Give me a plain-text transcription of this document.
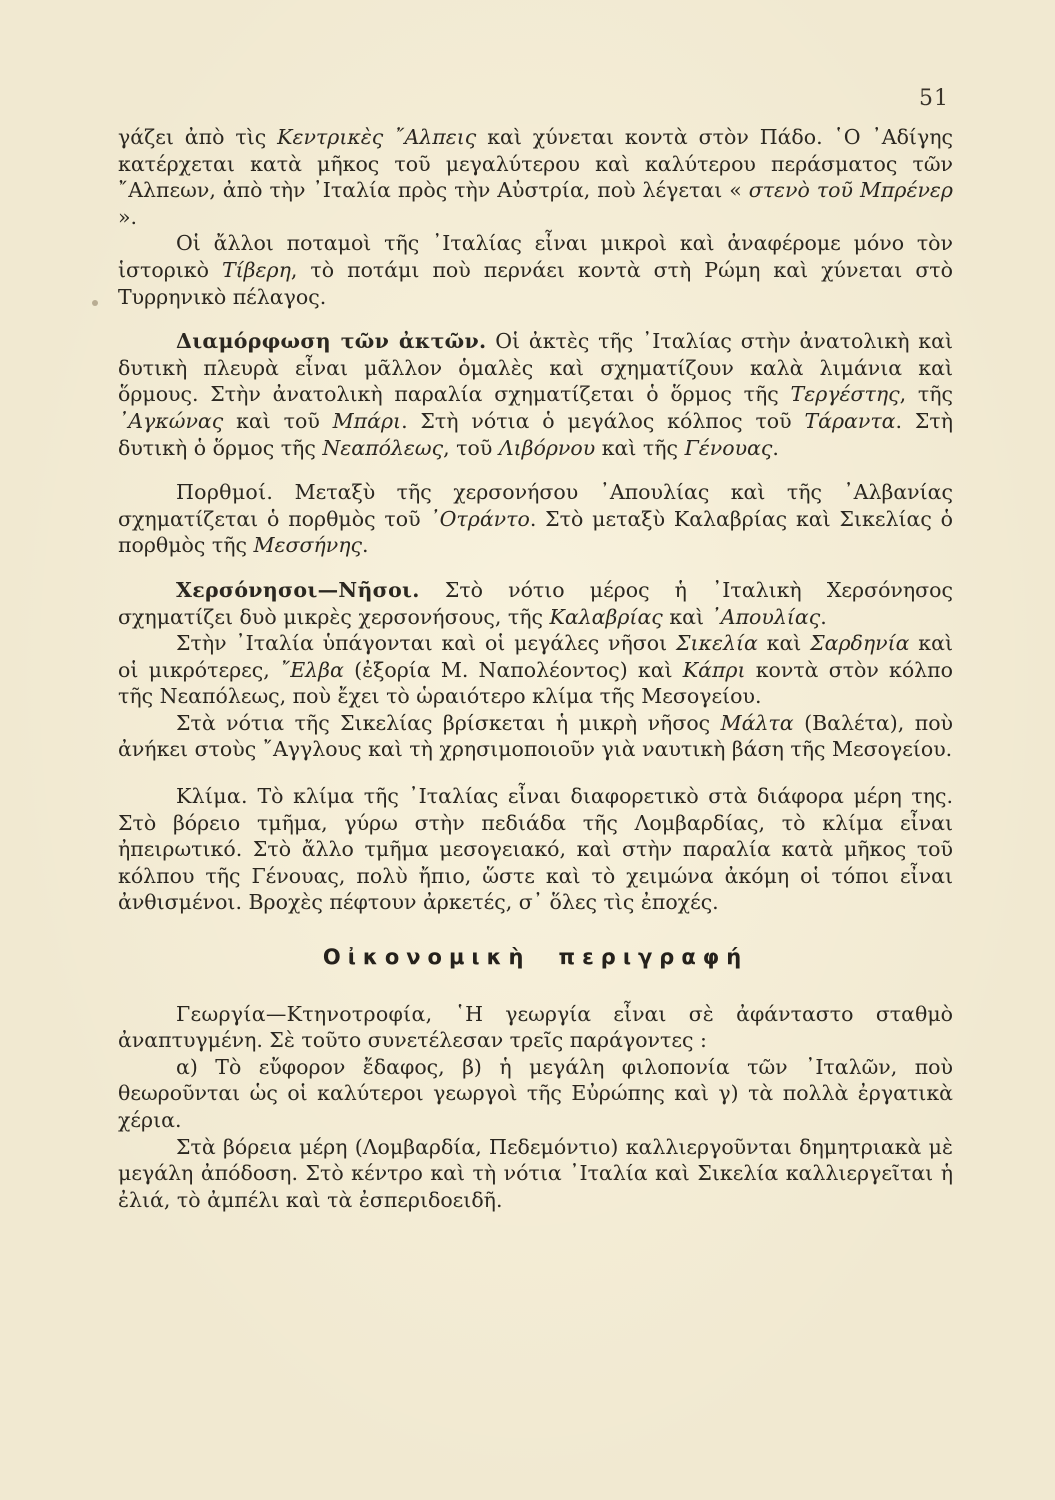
51

γάζει ἀπὸ τὶς Κεντρικὲς ῎Αλπεις καὶ χύνεται κοντὰ στὸν Πάδο. ῾Ο ᾿Αδίγης κατέρχεται κατὰ μῆκος τοῦ μεγαλύτερου καὶ καλύτερου περάσματος τῶν ῎Αλπεων, ἀπὸ τὴν ᾿Ιταλία πρὸς τὴν Αὐστρία, ποὺ λέγεται « στενὸ τοῦ Μπρένερ ».

Οἱ ἄλλοι ποταμοὶ τῆς ᾿Ιταλίας εἶναι μικροὶ καὶ ἀναφέρομε μόνο τὸν ἱστορικὸ Τίβερη, τὸ ποτάμι ποὺ περνάει κοντὰ στὴ Ρώμη καὶ χύνεται στὸ Τυρρηνικὸ πέλαγος.

Διαμόρφωση τῶν ἀκτῶν. Οἱ ἀκτὲς τῆς ᾿Ιταλίας στὴν ἀνατολικὴ καὶ δυτικὴ πλευρὰ εἶναι μᾶλλον ὁμαλὲς καὶ σχηματίζουν καλὰ λιμάνια καὶ ὅρμους. Στὴν ἀνατολικὴ παραλία σχηματίζεται ὁ ὅρμος τῆς Τεργέστης, τῆς ᾿Αγκώνας καὶ τοῦ Μπάρι. Στὴ νότια ὁ μεγάλος κόλπος τοῦ Τάραντα. Στὴ δυτικὴ ὁ ὅρμος τῆς Νεαπόλεως, τοῦ Λιβόρνου καὶ τῆς Γένουας.

Πορθμοί. Μεταξὺ τῆς χερσονήσου ᾿Απουλίας καὶ τῆς ᾿Αλβανίας σχηματίζεται ὁ πορθμὸς τοῦ ᾿Οτράντο. Στὸ μεταξὺ Καλαβρίας καὶ Σικελίας ὁ πορθμὸς τῆς Μεσσήνης.

Χερσόνησοι—Νῆσοι. Στὸ νότιο μέρος ἡ ᾿Ιταλικὴ Χερσόνησος σχηματίζει δυὸ μικρὲς χερσονήσους, τῆς Καλαβρίας καὶ ᾿Απουλίας.

Στὴν ᾿Ιταλία ὑπάγονται καὶ οἱ μεγάλες νῆσοι Σικελία καὶ Σαρδηνία καὶ οἱ μικρότερες, ῎Ελβα (ἐξορία Μ. Ναπολέοντος) καὶ Κάπρι κοντὰ στὸν κόλπο τῆς Νεαπόλεως, ποὺ ἔχει τὸ ὡραιότερο κλίμα τῆς Μεσογείου.

Στὰ νότια τῆς Σικελίας βρίσκεται ἡ μικρὴ νῆσος Μάλτα (Βαλέτα), ποὺ ἀνήκει στοὺς ῎Αγγλους καὶ τὴ χρησιμοποιοῦν γιὰ ναυτικὴ βάση τῆς Μεσογείου.

Κλίμα. Τὸ κλίμα τῆς ᾿Ιταλίας εἶναι διαφορετικὸ στὰ διάφορα μέρη της. Στὸ βόρειο τμῆμα, γύρω στὴν πεδιάδα τῆς Λομβαρδίας, τὸ κλίμα εἶναι ἠπειρωτικό. Στὸ ἄλλο τμῆμα μεσογειακό, καὶ στὴν παραλία κατὰ μῆκος τοῦ κόλπου τῆς Γένουας, πολὺ ἤπιο, ὥστε καὶ τὸ χειμώνα ἀκόμη οἱ τόποι εἶναι ἀνθισμένοι. Βροχὲς πέφτουν ἀρκετές, σ᾿ ὅλες τὶς ἐποχές.

Οἰκονομικὴ περιγραφή

Γεωργία—Κτηνοτροφία, ῾Η γεωργία εἶναι σὲ ἀφάνταστο σταθμὸ ἀναπτυγμένη. Σὲ τοῦτο συνετέλεσαν τρεῖς παράγοντες :

α) Τὸ εὔφορον ἔδαφος, β) ἡ μεγάλη φιλοπονία τῶν ᾿Ιταλῶν, ποὺ θεωροῦνται ὡς οἱ καλύτεροι γεωργοὶ τῆς Εὐρώπης καὶ γ) τὰ πολλὰ ἐργατικὰ χέρια.

Στὰ βόρεια μέρη (Λομβαρδία, Πεδεμόντιο) καλλιεργοῦνται δημητριακὰ μὲ μεγάλη ἀπόδοση. Στὸ κέντρο καὶ τὴ νότια ᾿Ιταλία καὶ Σικελία καλλιεργεῖται ἡ ἐλιά, τὸ ἀμπέλι καὶ τὰ ἐσπεριδοειδῆ.
